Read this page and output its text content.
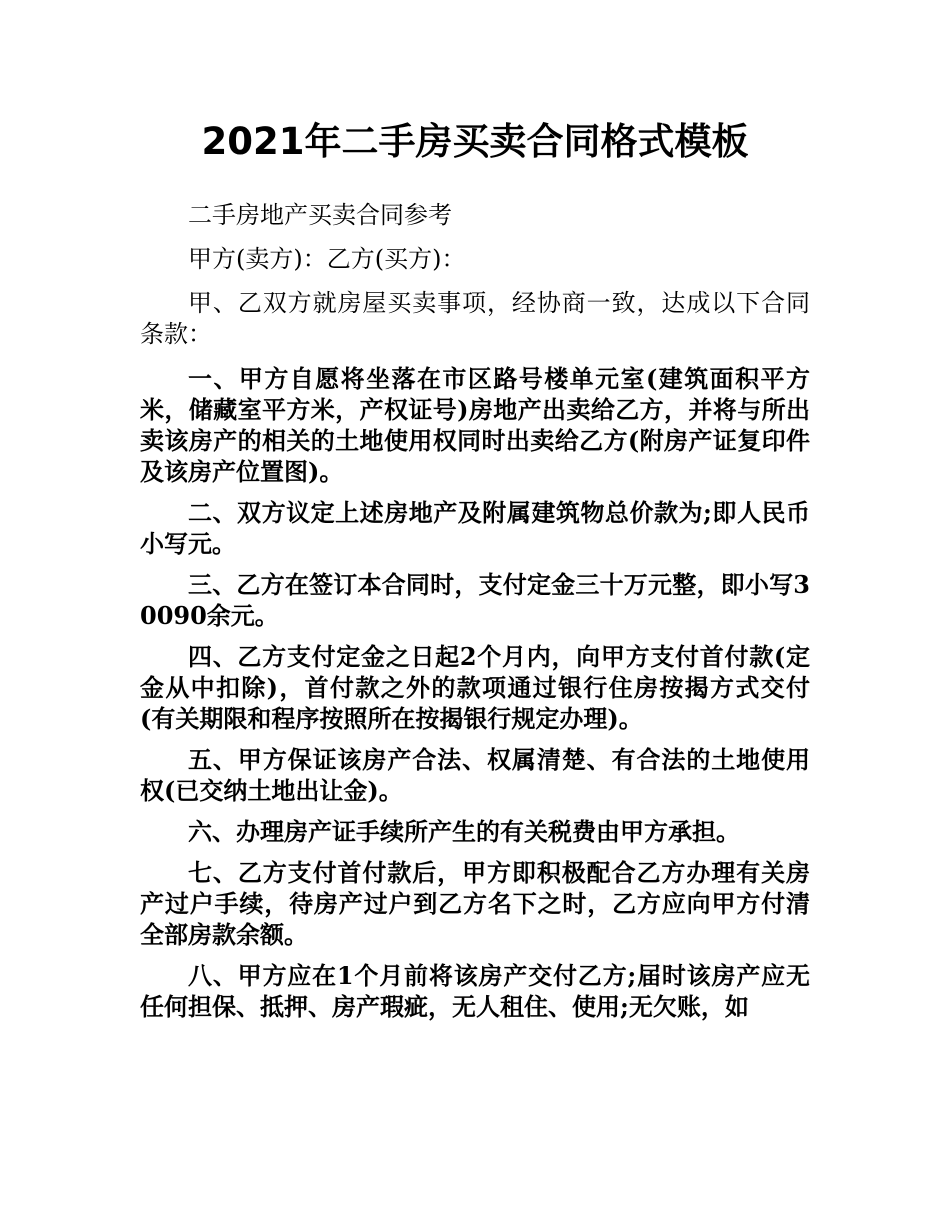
2021年二手房买卖合同格式模板

二手房地产买卖合同参考

甲方(卖方)：乙方(买方)：

甲、乙双方就房屋买卖事项，经协商一致，达成以下合同条款：

一、甲方自愿将坐落在市区路号楼单元室(建筑面积平方米，储藏室平方米，产权证号)房地产出卖给乙方，并将与所出卖该房产的相关的土地使用权同时出卖给乙方(附房产证复印件及该房产位置图)。

二、双方议定上述房地产及附属建筑物总价款为;即人民币小写元。

三、乙方在签订本合同时，支付定金三十万元整，即小写30090余元。

四、乙方支付定金之日起2个月内，向甲方支付首付款(定金从中扣除)，首付款之外的款项通过银行住房按揭方式交付(有关期限和程序按照所在按揭银行规定办理)。

五、甲方保证该房产合法、权属清楚、有合法的土地使用权(已交纳土地出让金)。

六、办理房产证手续所产生的有关税费由甲方承担。

七、乙方支付首付款后，甲方即积极配合乙方办理有关房产过户手续，待房产过户到乙方名下之时，乙方应向甲方付清全部房款余额。

八、甲方应在1个月前将该房产交付乙方;届时该房产应无任何担保、抵押、房产瑕疵，无人租住、使用;无欠账，如
